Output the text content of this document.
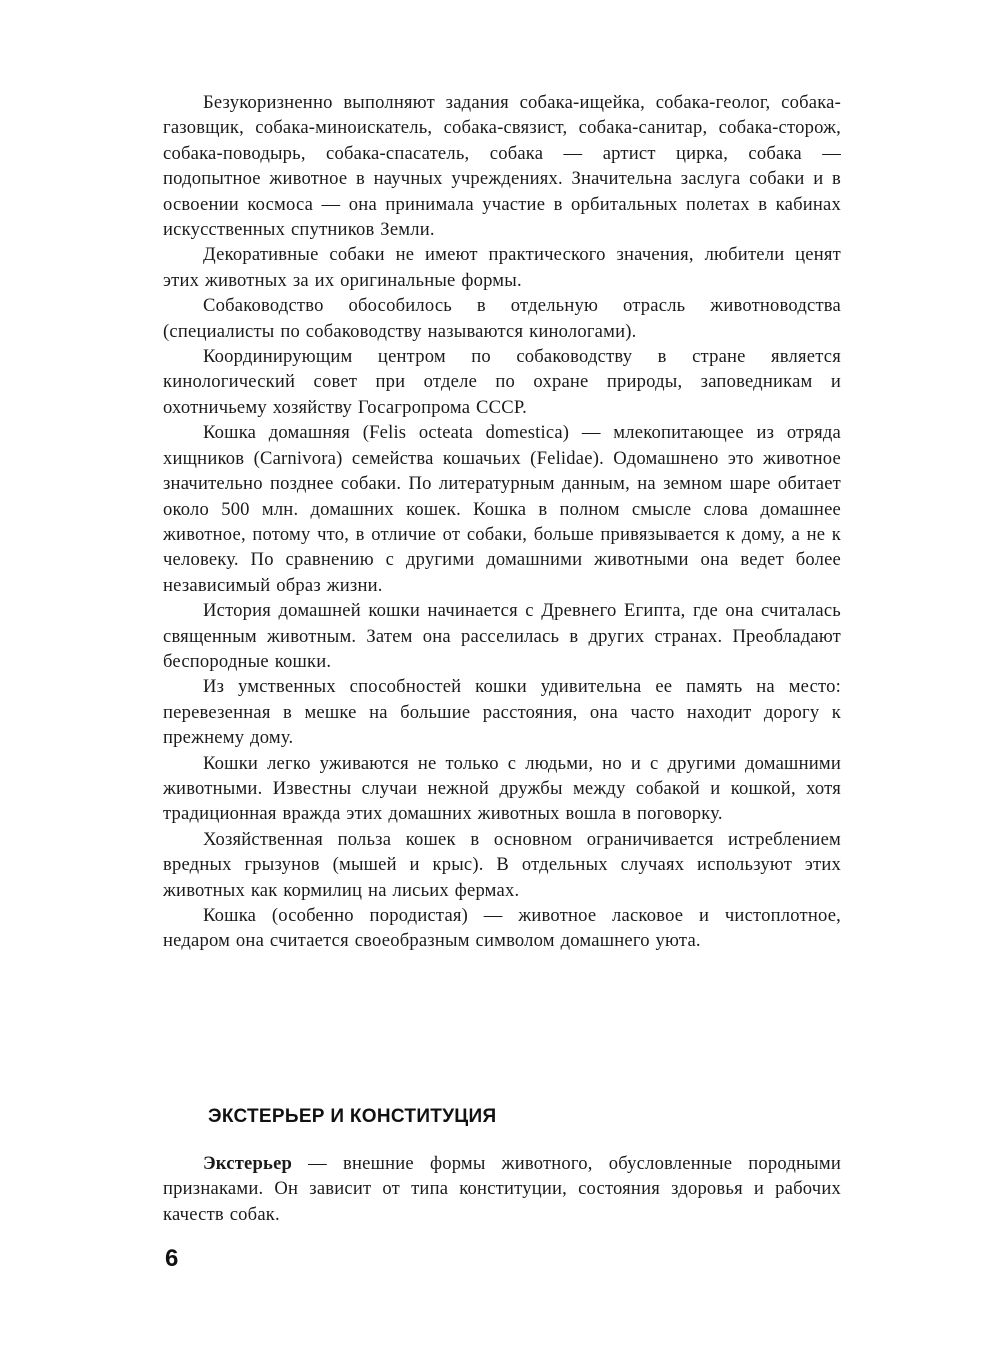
Безукоризненно выполняют задания собака-ищейка, собака-геолог, собака-газовщик, собака-миноискатель, собака-связист, собака-санитар, собака-сторож, собака-поводырь, собака-спасатель, собака — артист цирка, собака — подопытное животное в научных учреждениях. Значительна заслуга собаки и в освоении космоса — она принимала участие в орбитальных полетах в кабинах искусственных спутников Земли.

Декоративные собаки не имеют практического значения, любители ценят этих животных за их оригинальные формы.

Собаководство обособилось в отдельную отрасль животноводства (специалисты по собаководству называются кинологами).

Координирующим центром по собаководству в стране является кинологический совет при отделе по охране природы, заповедникам и охотничьему хозяйству Госагропрома СССР.

Кошка домашняя (Felis octeata domestica) — млекопитающее из отряда хищников (Carnivora) семейства кошачьих (Felidae). Одомашнено это животное значительно позднее собаки. По литературным данным, на земном шаре обитает около 500 млн. домашних кошек. Кошка в полном смысле слова домашнее животное, потому что, в отличие от собаки, больше привязывается к дому, а не к человеку. По сравнению с другими домашними животными она ведет более независимый образ жизни.

История домашней кошки начинается с Древнего Египта, где она считалась священным животным. Затем она расселилась в других странах. Преобладают беспородные кошки.

Из умственных способностей кошки удивительна ее память на место: перевезенная в мешке на большие расстояния, она часто находит дорогу к прежнему дому.

Кошки легко уживаются не только с людьми, но и с другими домашними животными. Известны случаи нежной дружбы между собакой и кошкой, хотя традиционная вражда этих домашних животных вошла в поговорку.

Хозяйственная польза кошек в основном ограничивается истреблением вредных грызунов (мышей и крыс). В отдельных случаях используют этих животных как кормилиц на лисьих фермах.

Кошка (особенно породистая) — животное ласковое и чистоплотное, недаром она считается своеобразным символом домашнего уюта.

ЭКСТЕРЬЕР И КОНСТИТУЦИЯ

Экстерьер — внешние формы животного, обусловленные породными признаками. Он зависит от типа конституции, состояния здоровья и рабочих качеств собак.

6
